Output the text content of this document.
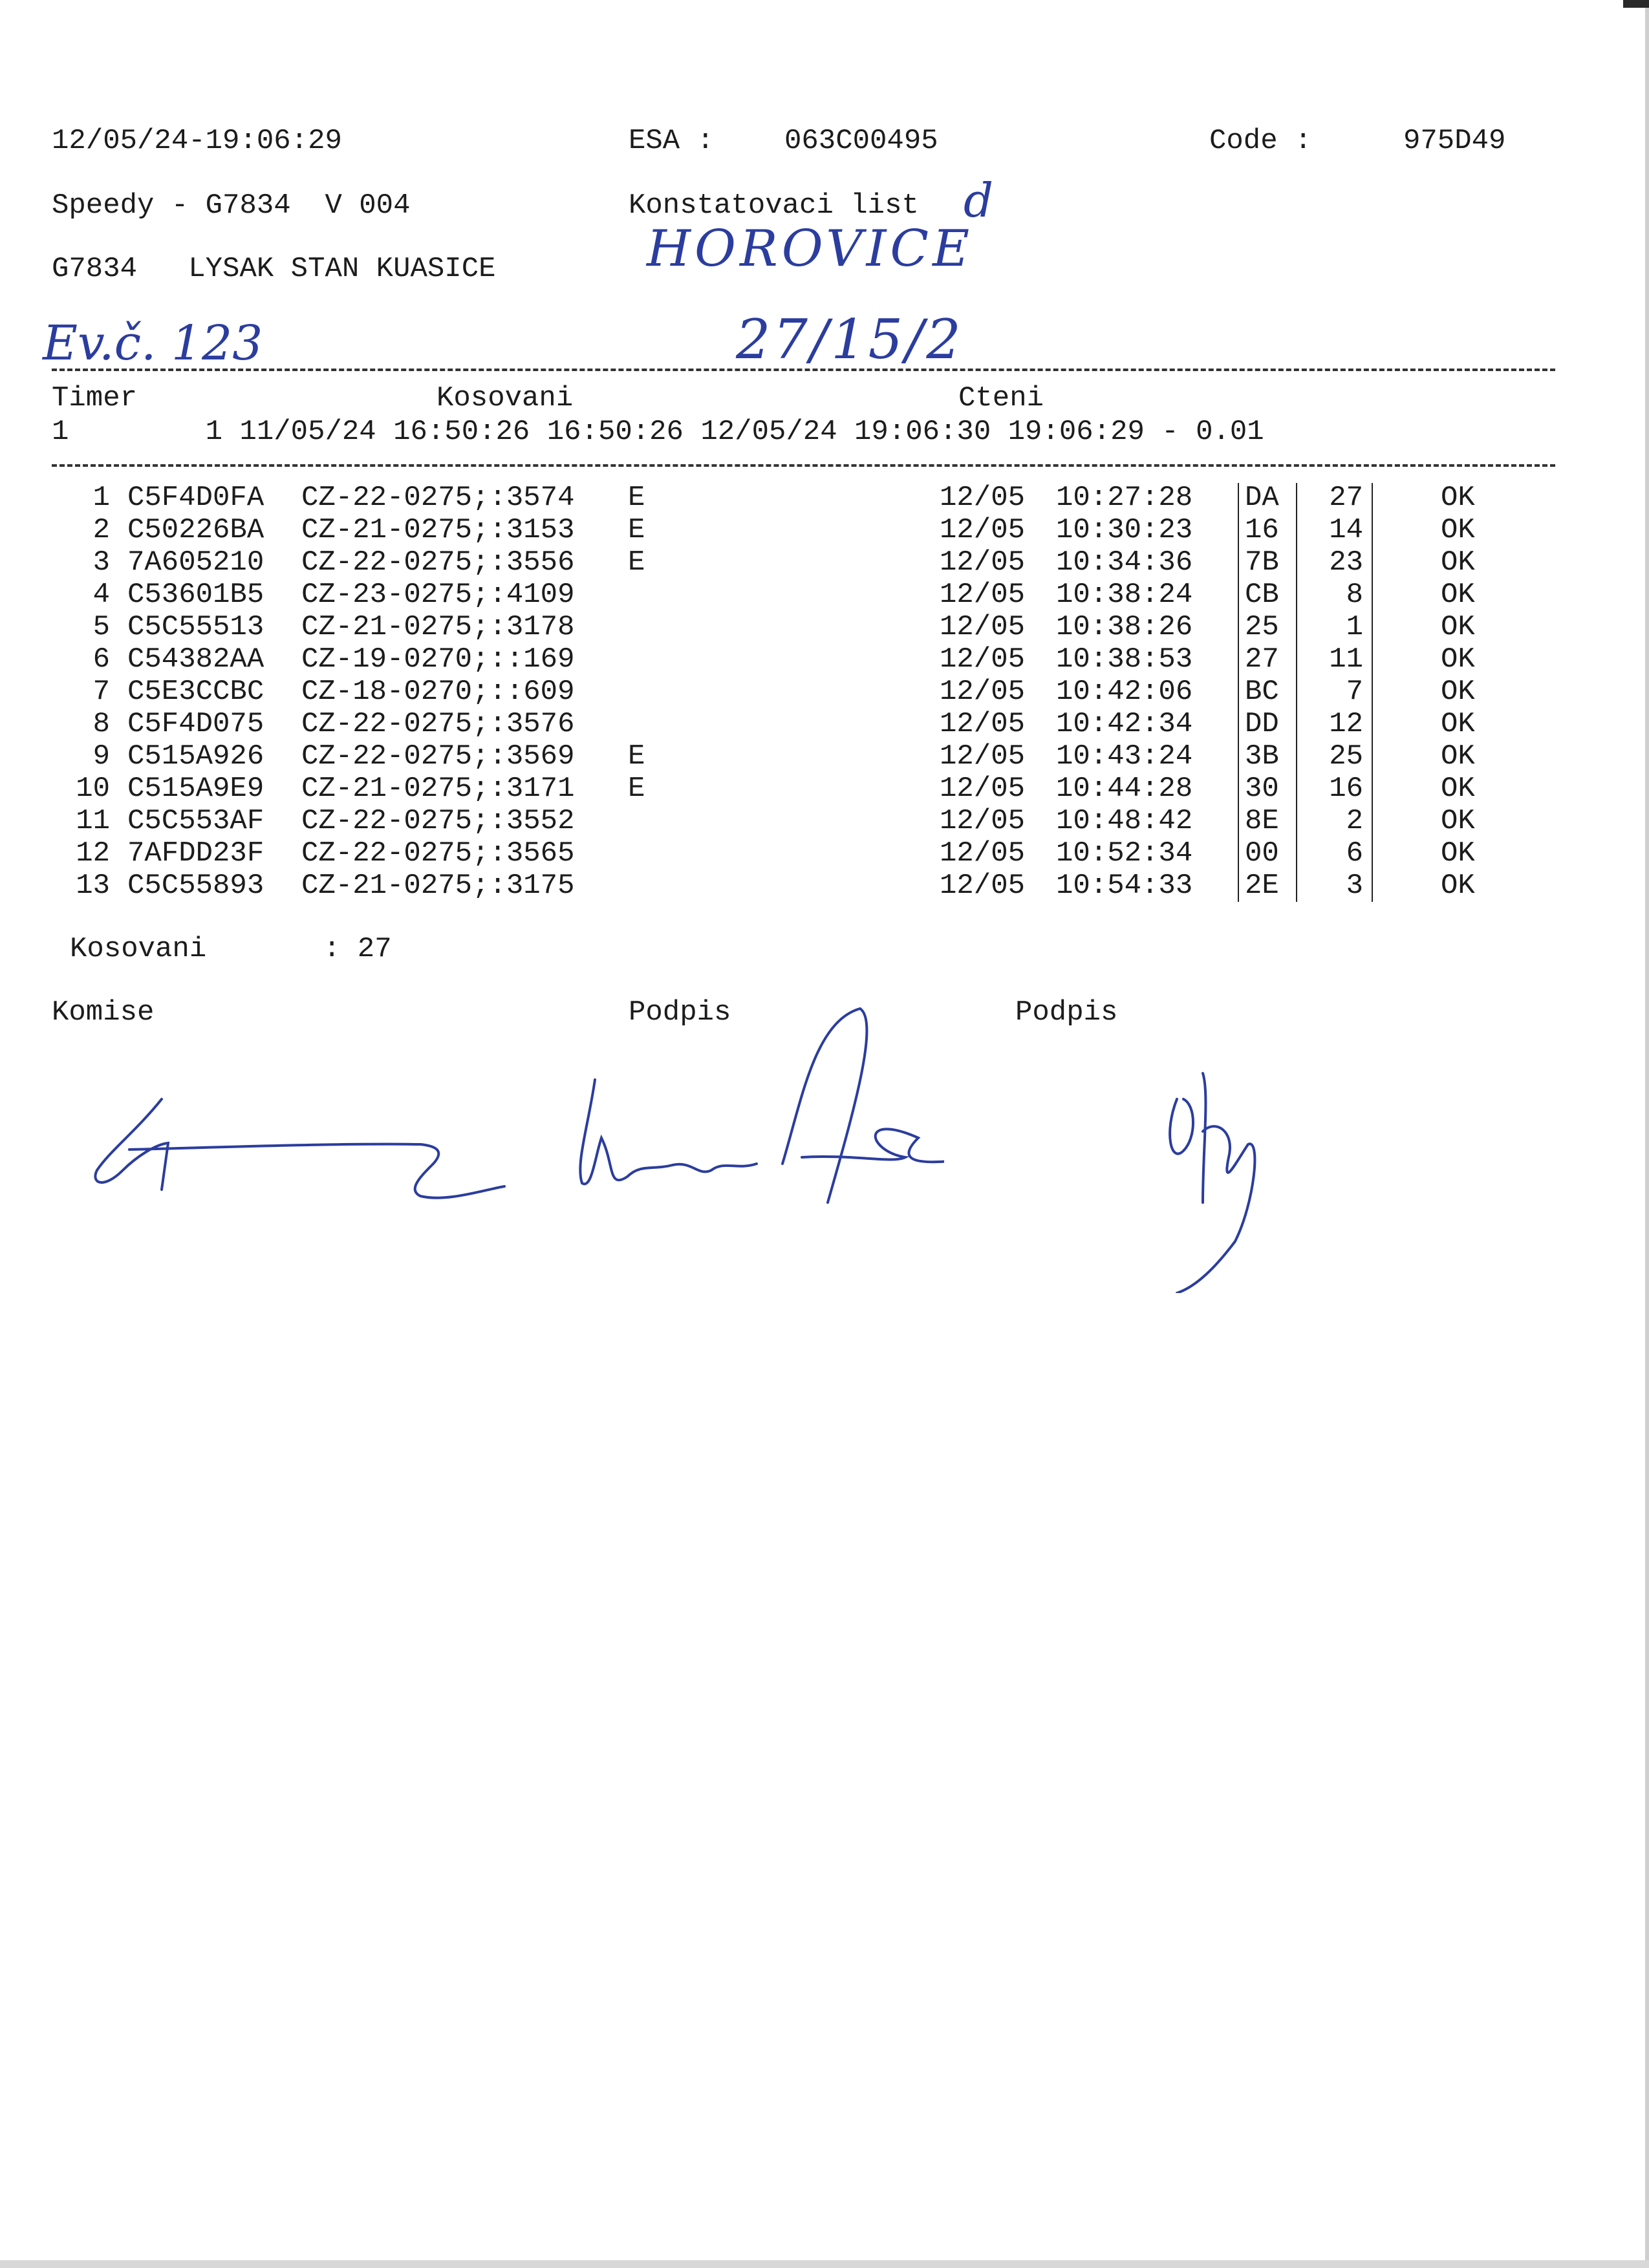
12/05/24-19:06:29	ESA : 063C00495	Code :	975D49
Speedy - G7834  V 004	Konstatovaci list d
G7834   LYSAK STAN KUASICE	HOROVICE
Ev.č. 123	27/15/2
Timer	Kosovani	Cteni
1        1 11/05/24 16:50:26 16:50:26 12/05/24 19:06:30 19:06:29 - 0.01
1 C5F4D0FA CZ-22-0275;:3574 E	12/05 10:27:28 DA	27	OK
2 C50226BA CZ-21-0275;:3153 E	12/05 10:30:23 16	14	OK
3 7A605210 CZ-22-0275;:3556 E	12/05 10:34:36 7B	23	OK
4 C53601B5 CZ-23-0275;:4109	12/05 10:38:24 CB	8	OK
5 C5C55513 CZ-21-0275;:3178	12/05 10:38:26 25	1	OK
6 C54382AA CZ-19-0270;::169	12/05 10:38:53 27	11	OK
7 C5E3CCBC CZ-18-0270;::609	12/05 10:42:06 BC	7	OK
8 C5F4D075 CZ-22-0275;:3576	12/05 10:42:34 DD	12	OK
9 C515A926 CZ-22-0275;:3569 E	12/05 10:43:24 3B	25	OK
10 C515A9E9 CZ-21-0275;:3171 E	12/05 10:44:28 30	16	OK
11 C5C553AF CZ-22-0275;:3552	12/05 10:48:42 8E	2	OK
12 7AFDD23F CZ-22-0275;:3565	12/05 10:52:34 00	6	OK
13 C5C55893 CZ-21-0275;:3175	12/05 10:54:33 2E	3	OK
Kosovani	: 27
Komise	Podpis	Podpis
